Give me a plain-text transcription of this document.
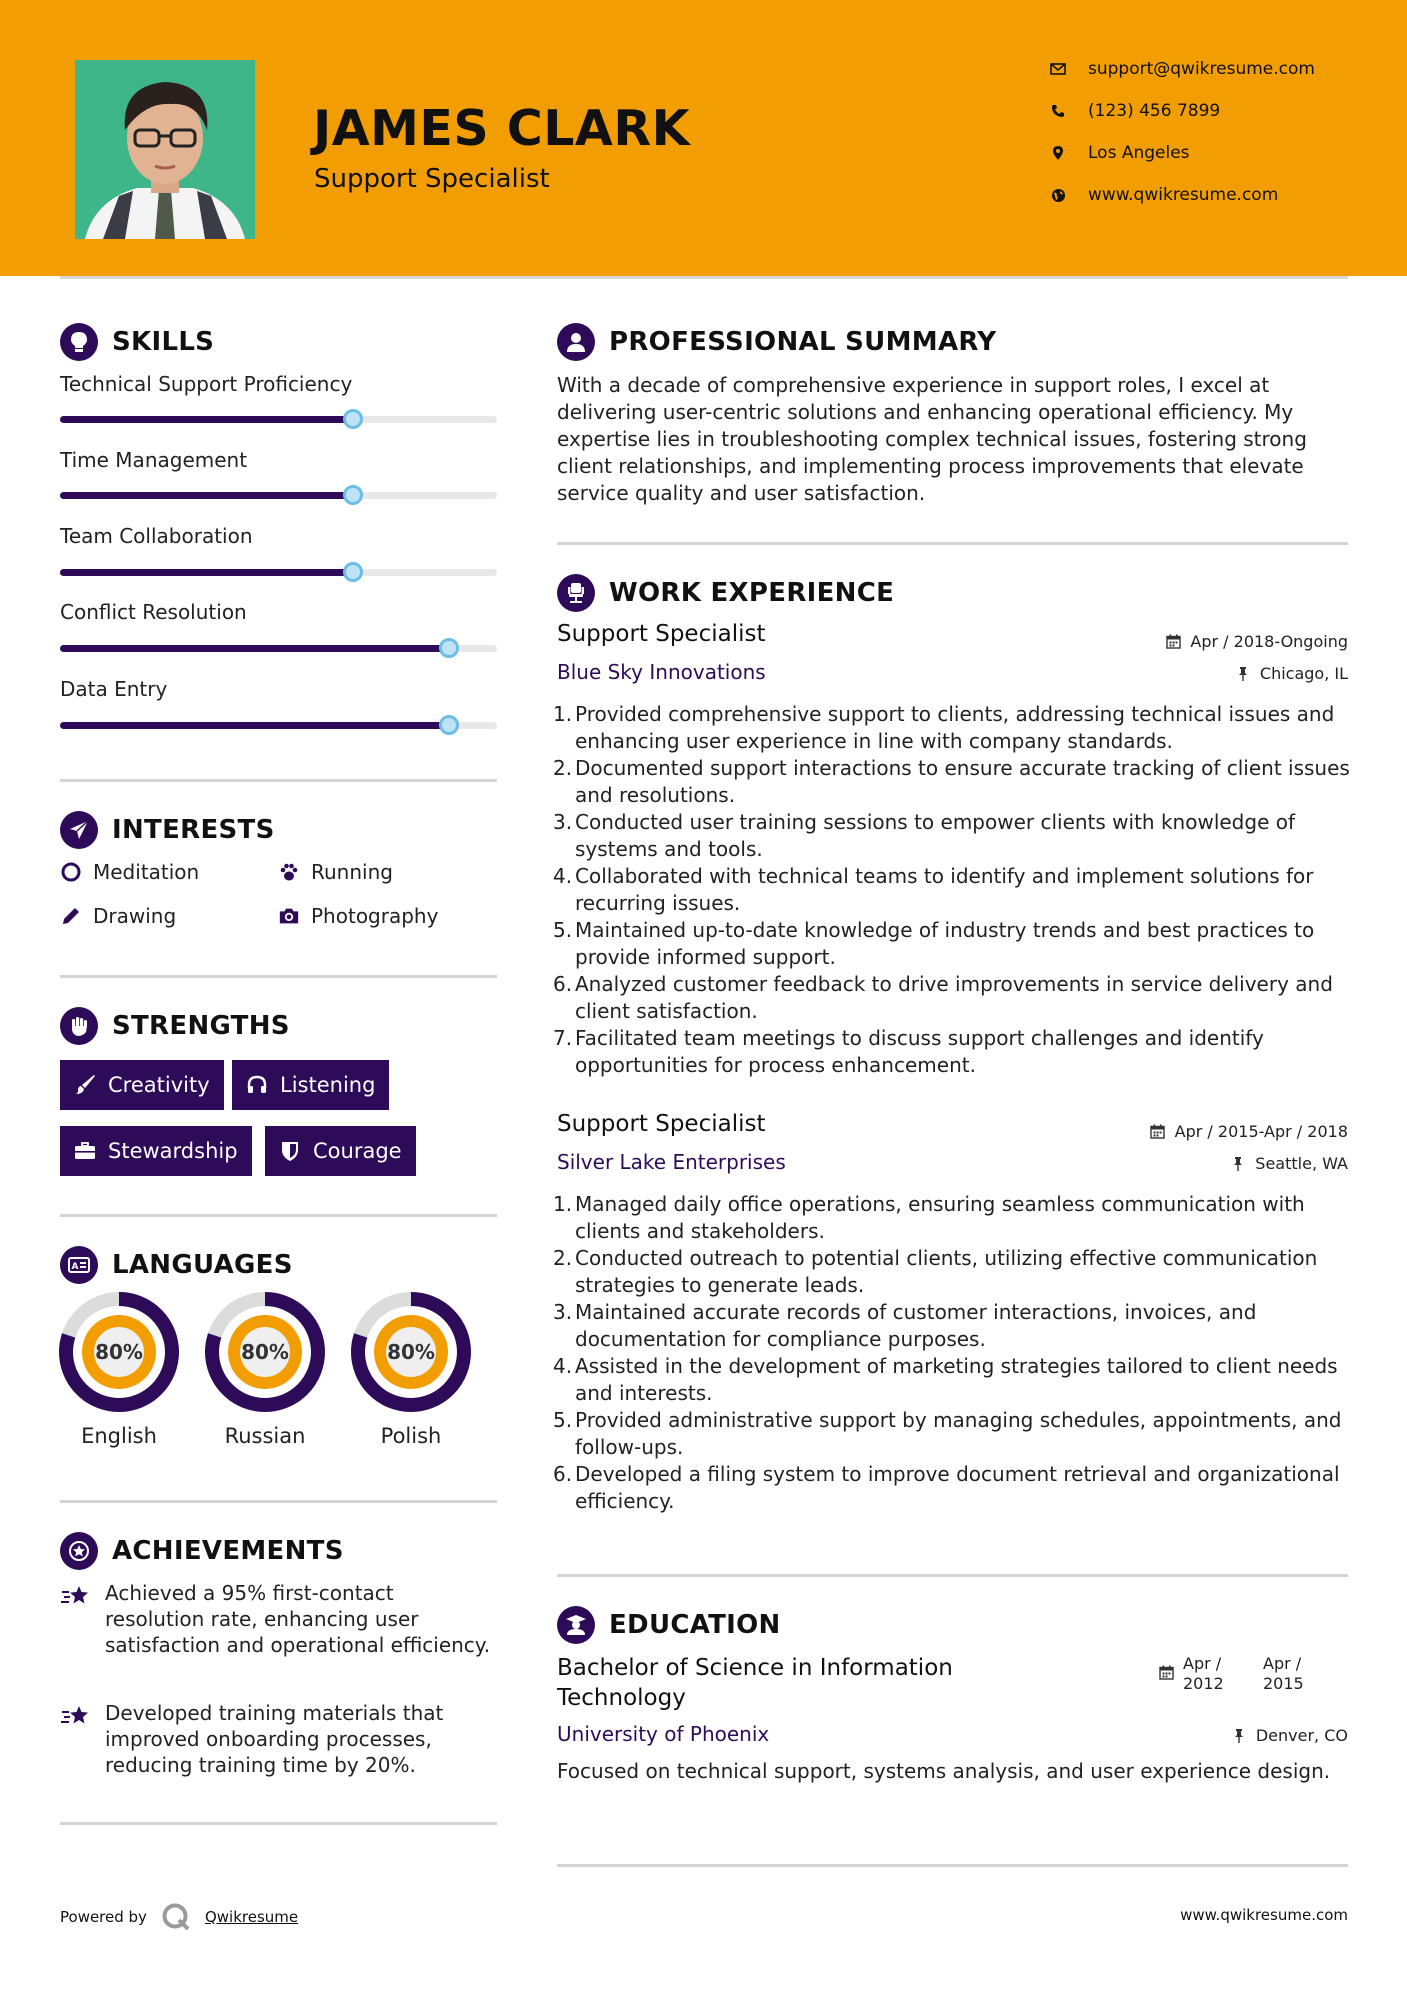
JAMES CLARK
Support Specialist
support@qwikresume.com
(123) 456 7899
Los Angeles
www.qwikresume.com
SKILLS
Technical Support Proficiency
Time Management
Team Collaboration
Conflict Resolution
Data Entry
INTERESTS
Meditation	Running
Drawing	Photography
STRENGTHS
Creativity	Listening
Stewardship	Courage
A LANGUAGES
80%
English
80%
Russian
80%
Polish
ACHIEVEMENTS
Achieved a 95% first-contact resolution rate, enhancing user satisfaction and operational efficiency.
Developed training materials that improved onboarding processes, reducing training time by 20%.
PROFESSIONAL SUMMARY
With a decade of comprehensive experience in support roles, I excel at delivering user-centric solutions and enhancing operational efficiency. My expertise lies in troubleshooting complex technical issues, fostering strong client relationships, and implementing process improvements that elevate service quality and user satisfaction.
WORK EXPERIENCE
Support Specialist	Apr / 2018-Ongoing
Blue Sky Innovations	Chicago, IL
1. Provided comprehensive support to clients, addressing technical issues and enhancing user experience in line with company standards.
2. Documented support interactions to ensure accurate tracking of client issues and resolutions.
3. Conducted user training sessions to empower clients with knowledge of systems and tools.
4. Collaborated with technical teams to identify and implement solutions for recurring issues.
5. Maintained up-to-date knowledge of industry trends and best practices to provide informed support.
6. Analyzed customer feedback to drive improvements in service delivery and client satisfaction.
7. Facilitated team meetings to discuss support challenges and identify opportunities for process enhancement.
Support Specialist	Apr / 2015-Apr / 2018
Silver Lake Enterprises	Seattle, WA
1. Managed daily office operations, ensuring seamless communication with clients and stakeholders.
2. Conducted outreach to potential clients, utilizing effective communication strategies to generate leads.
3. Maintained accurate records of customer interactions, invoices, and documentation for compliance purposes.
4. Assisted in the development of marketing strategies tailored to client needs and interests.
5. Provided administrative support by managing schedules, appointments, and follow-ups.
6. Developed a filing system to improve document retrieval and organizational efficiency.
EDUCATION
Bachelor of Science in Information
Technology
Apr /
2012
Apr /
2015
University of Phoenix	Denver, CO
Focused on technical support, systems analysis, and user experience design.
Powered by	Qwikresume	www.qwikresume.com
